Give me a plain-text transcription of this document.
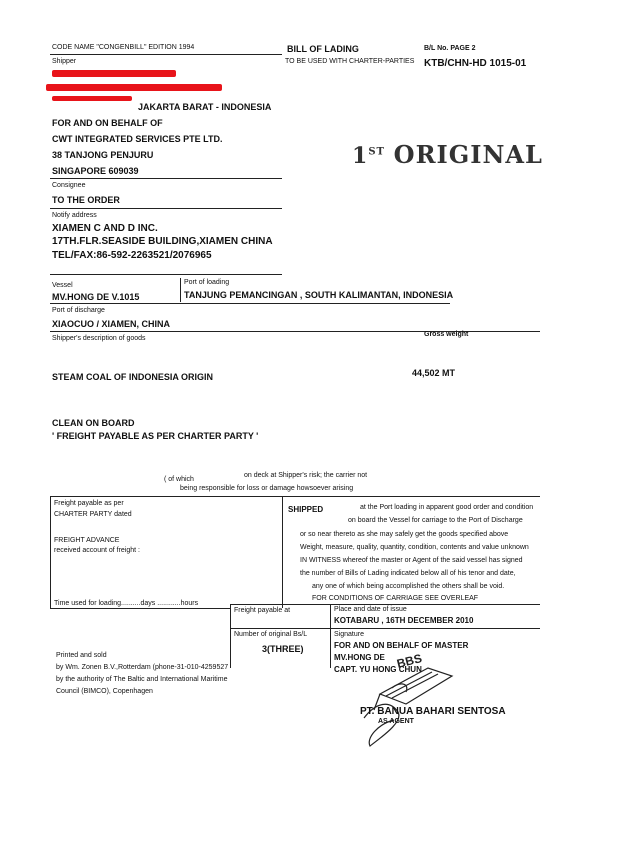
CODE NAME "CONGENBILL" EDITION 1994	BILL OF LADING
TO BE USED WITH CHARTER-PARTIES
B/L No. PAGE 2
KTB/CHN-HD 1015-01
Shipper
JAKARTA BARAT - INDONESIA
FOR AND ON BEHALF OF
CWT INTEGRATED SERVICES PTE LTD.
38 TANJONG PENJURU
SINGAPORE 609039
1ST ORIGINAL
Consignee
TO THE ORDER
Notify address
XIAMEN C AND D INC.
17TH.FLR.SEASIDE BUILDING,XIAMEN CHINA
TEL/FAX:86-592-2263521/2076965
Vessel	Port of loading
MV.HONG DE V.1015	TANJUNG PEMANCINGAN , SOUTH KALIMANTAN, INDONESIA
Port of discharge
XIAOCUO / XIAMEN, CHINA
Shipper's description of goods
Gross weight
STEAM COAL OF INDONESIA ORIGIN	44,502 MT
CLEAN ON BOARD
' FREIGHT PAYABLE AS PER CHARTER PARTY '
( of which
on deck at Shipper's risk; the carrier not
being responsible for loss or damage howsoever arising
Freight payable as per
CHARTER PARTY dated
FREIGHT ADVANCE
received account of freight :
Time used for loading..........days ............hours
SHIPPED	at the Port loading in apparent good order and condition
on board the Vessel for carriage to the Port of Discharge
or so near thereto as she may safely get the goods specified above
Weight, measure, quality, quantity, condition, contents and value unknown
IN WITNESS whereof the master or Agent of the said vessel has signed
the number of Bills of Lading indicated below all of his tenor and date,
any one of which being accomplished the others shall be void.
FOR CONDITIONS OF CARRIAGE SEE OVERLEAF
Freight payable at	Place and date of issue
KOTABARU , 16TH DECEMBER 2010
Number of original Bs/L
3(THREE)
Signature
FOR AND ON BEHALF OF MASTER
MV.HONG DE
CAPT. YU HONG CHUN
BBS
PT. BANUA BAHARI SENTOSA
AS AGENT
Printed and sold
by Wm. Zonen B.V.,Rotterdam (phone-31-010-4259527
by the authority of The Baltic and International Maritime
Council (BIMCO), Copenhagen
